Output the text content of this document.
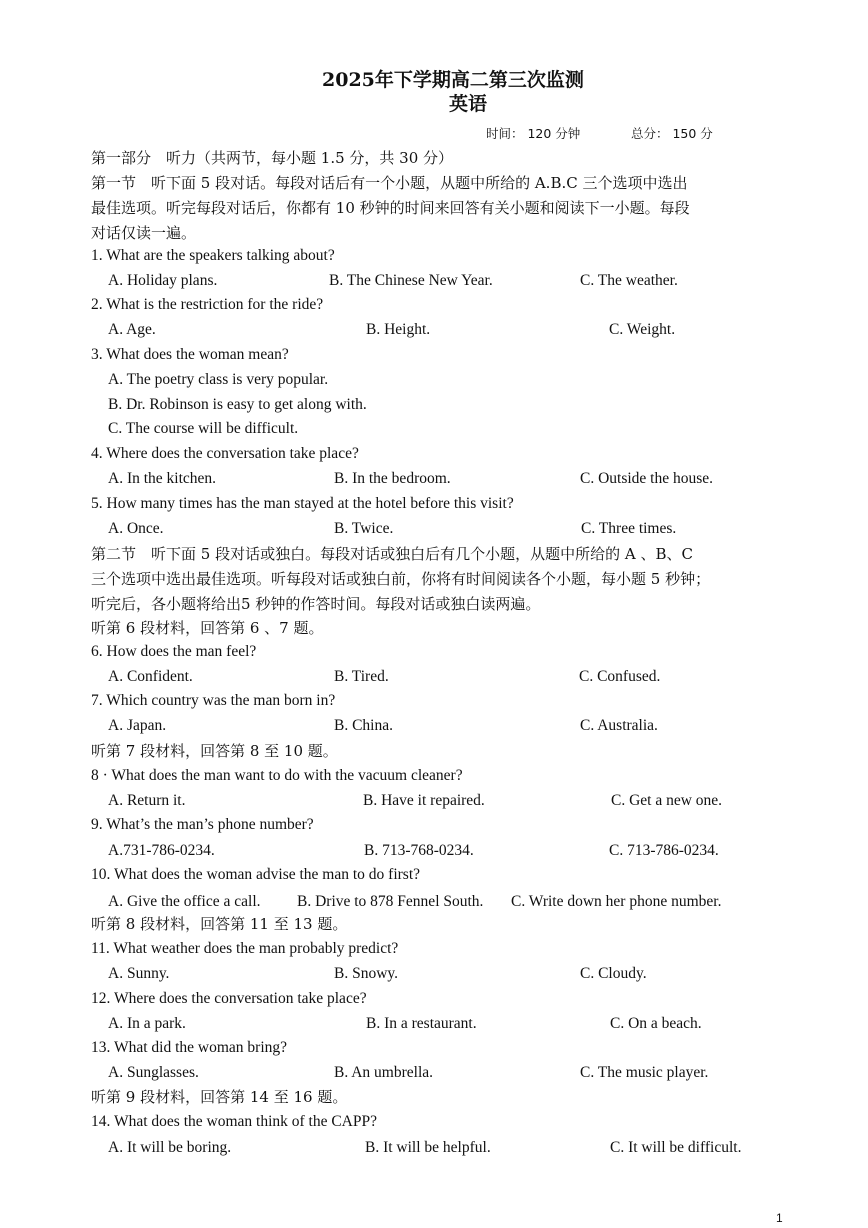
2025年下学期高二第三次监测
英语
时间： 120 分钟	总分： 150 分
第一部分　听力（共两节，每小题 1.5 分，共 30 分）
第一节　听下面 5 段对话。每段对话后有一个小题，从题中所给的 A.B.C 三个选项中选出
最佳选项。听完每段对话后，你都有 10 秒钟的时间来回答有关小题和阅读下一小题。每段
对话仅读一遍。
1. What are the speakers talking about?
A. Holiday plans.	B. The Chinese New Year.	C. The weather.
2. What is the restriction for the ride?
A. Age.	B. Height.	C. Weight.
3. What does the woman mean?
A. The poetry class is very popular.
B. Dr. Robinson is easy to get along with.
C. The course will be difficult.
4. Where does the conversation take place?
A. In the kitchen.	B. In the bedroom.	C. Outside the house.
5. How many times has the man stayed at the hotel before this visit?
A. Once.	B. Twice.	C. Three times.
第二节　听下面 5 段对话或独白。每段对话或独白后有几个小题，从题中所给的 A 、B、C
三个选项中选出最佳选项。听每段对话或独白前，你将有时间阅读各个小题，每小题 5 秒钟；
听完后，各小题将给出5 秒钟的作答时间。每段对话或独白读两遍。
听第 6 段材料，回答第 6 、7 题。
6. How does the man feel?
A. Confident.	B. Tired.	C. Confused.
7. Which country was the man born in?
A. Japan.	B. China.	C. Australia.
听第 7 段材料，回答第 8 至 10 题。
8 · What does the man want to do with the vacuum cleaner?
A. Return it.	B. Have it repaired.	C. Get a new one.
9. What’s the man’s phone number?
A.731-786-0234.	B. 713-768-0234.	C. 713-786-0234.
10. What does the woman advise the man to do first?
A. Give the office a call. B. Drive to 878 Fennel South. C. Write down her phone number.
听第 8 段材料，回答第 11 至 13 题。
11. What weather does the man probably predict?
A. Sunny.	B. Snowy.	C. Cloudy.
12. Where does the conversation take place?
A. In a park.	B. In a restaurant.	C. On a beach.
13. What did the woman bring?
A. Sunglasses.	B. An umbrella.	C. The music player.
听第 9 段材料，回答第 14 至 16 题。
14. What does the woman think of the CAPP?
A. It will be boring.	B. It will be helpful.	C. It will be difficult.
1
